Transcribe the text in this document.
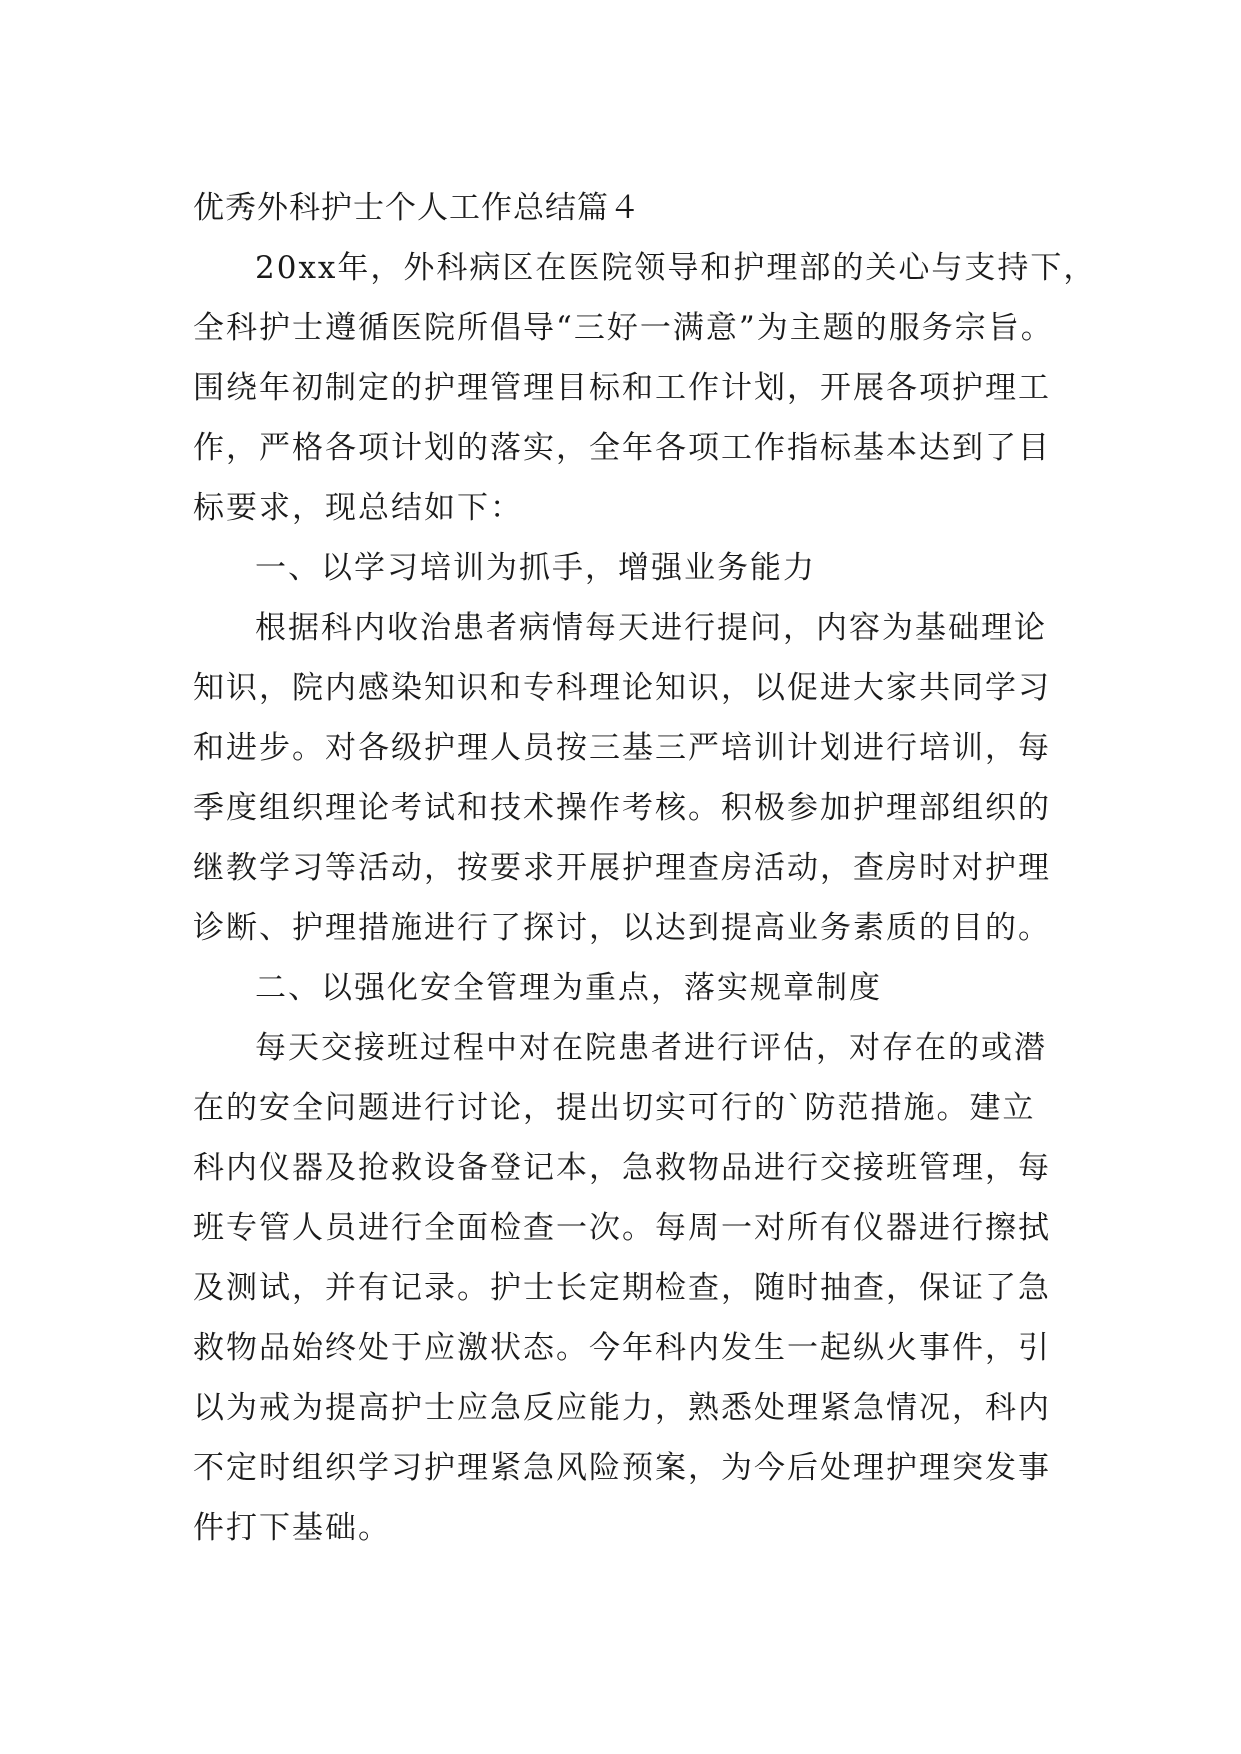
优秀外科护士个人工作总结篇４
20xx年，外科病区在医院领导和护理部的关心与支持下，
全科护士遵循医院所倡导“三好一满意”为主题的服务宗旨。
围绕年初制定的护理管理目标和工作计划，开展各项护理工
作，严格各项计划的落实，全年各项工作指标基本达到了目
标要求，现总结如下：
一、以学习培训为抓手，增强业务能力
根据科内收治患者病情每天进行提问，内容为基础理论
知识，院内感染知识和专科理论知识，以促进大家共同学习
和进步。对各级护理人员按三基三严培训计划进行培训，每
季度组织理论考试和技术操作考核。积极参加护理部组织的
继教学习等活动，按要求开展护理查房活动，查房时对护理
诊断、护理措施进行了探讨，以达到提高业务素质的目的。
二、以强化安全管理为重点，落实规章制度
每天交接班过程中对在院患者进行评估，对存在的或潜
在的安全问题进行讨论，提出切实可行的`防范措施。建立
科内仪器及抢救设备登记本，急救物品进行交接班管理，每
班专管人员进行全面检查一次。每周一对所有仪器进行擦拭
及测试，并有记录。护士长定期检查，随时抽查，保证了急
救物品始终处于应激状态。今年科内发生一起纵火事件，引
以为戒为提高护士应急反应能力，熟悉处理紧急情况，科内
不定时组织学习护理紧急风险预案，为今后处理护理突发事
件打下基础。
